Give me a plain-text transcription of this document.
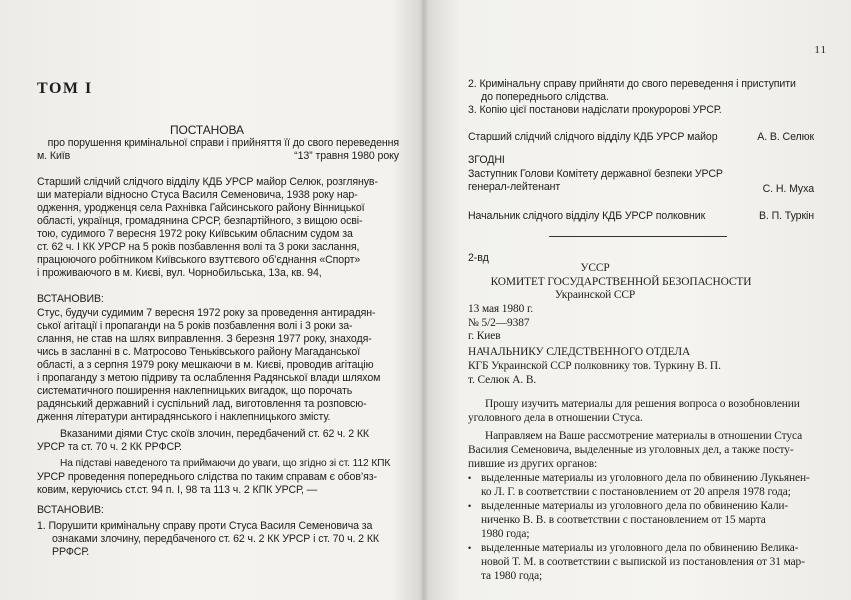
ТОМ I
ПОСТАНОВА
про порушення кримінальної справи і прийняття її до свого переведення
м. Київ	“13” травня 1980 року
Старший слідчий слідчого відділу КДБ УРСР майор Селюк, розглянув-
ши матеріали відносно Стуса Василя Семеновича, 1938 року нар-
одження, уродженця села Рахнівка Гайсинського району Вінницької
області, українця, громадянина СРСР, безпартійного, з вищою осві-
тою, судимого 7 вересня 1972 року Київським обласним судом за
ст. 62 ч. I КК УРСР на 5 років позбавлення волі та 3 роки заслання,
працюючого робітником Київського взуттєвого об’єднання «Спорт»
і проживаючого в м. Києві, вул. Чорнобильська, 13а, кв. 94,
ВСТАНОВИВ:
Стус, будучи судимим 7 вересня 1972 року за проведення антирадян-
ської агітації і пропаганди на 5 років позбавлення волі і 3 роки за-
слання, не став на шлях виправлення. З березня 1977 року, знаходя-
чись в засланні в с. Матросово Теньківського району Магаданської
області, а з серпня 1979 року мешкаючи в м. Києві, проводив агітацію
і пропаганду з метою підриву та ослаблення Радянської влади шляхом
систематичного поширення наклепницьких вигадок, що порочать
радянський державний і суспільний лад, виготовлення та розповсю-
дження літератури антирадянського і наклепницького змісту.
Вказаними діями Стус скоїв злочин, передбачений ст. 62 ч. 2 КК
УРСР та ст. 70 ч. 2 КК РРФСР.
На підставі наведеного та приймаючи до уваги, що згідно зі ст. 112 КПК
УРСР проведення попереднього слідства по таким справам є обов’яз-
ковим, керуючись ст.ст. 94 п. I, 98 та 113 ч. 2 КПК УРСР, —
ВСТАНОВИВ:
1. Порушити кримінальну справу проти Стуса Василя Семеновича за
ознаками злочину, передбаченого ст. 62 ч. 2 КК УРСР і ст. 70 ч. 2 КК
РРФСР.
11
2. Кримінальну справу прийняти до свого переведення і приступити
до попереднього слідства.
3. Копію цієї постанови надіслати прокуророві УРСР.
Старший слідчий слідчого відділу КДБ УРСР майор	А. В. Селюк
ЗГОДНІ
Заступник Голови Комітету державної безпеки УРСР
генерал-лейтенант	С. Н. Муха
Начальник слідчого відділу КДБ УРСР полковник	В. П. Туркін
2-вд
УССР
КОМИТЕТ ГОСУДАРСТВЕННОЙ БЕЗОПАСНОСТИ
Украинской ССР
13 мая 1980 г.
№ 5/2—9387
г. Киев
НАЧАЛЬНИКУ СЛЕДСТВЕННОГО ОТДЕЛА
КГБ Украинской ССР полковнику тов. Туркину В. П.
т. Селюк А. В.
Прошу изучить материалы для решения вопроса о возобновлении
уголовного дела в отношении Стуса.
Направляем на Ваше рассмотрение материалы в отношении Стуса
Василия Семеновича, выделенные из уголовных дел, а также посту-
пившие из других органов:
• выделенные материалы из уголовного дела по обвинению Лукьянен-
ко Л. Г. в соответствии с постановлением от 20 апреля 1978 года;
• выделенные материалы из уголовного дела по обвинению Кали-
ниченко В. В. в соответствии с постановлением от 15 марта
1980 года;
• выделенные материалы из уголовного дела по обвинению Велика-
новой Т. М. в соответствии с выпиской из постановления от 31 мар-
та 1980 года;
